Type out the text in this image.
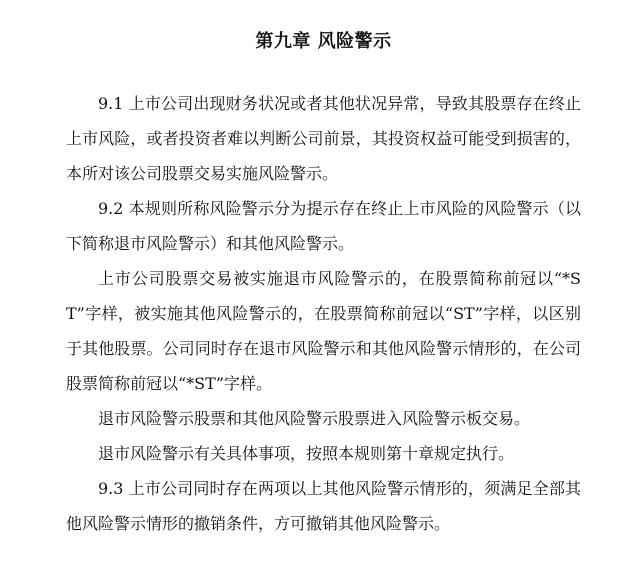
第九章 风险警示

9.1 上市公司出现财务状况或者其他状况异常，导致其股票存在终止上市风险，或者投资者难以判断公司前景，其投资权益可能受到损害的，本所对该公司股票交易实施风险警示。

9.2 本规则所称风险警示分为提示存在终止上市风险的风险警示（以下简称退市风险警示）和其他风险警示。

上市公司股票交易被实施退市风险警示的，在股票简称前冠以“*ST”字样，被实施其他风险警示的，在股票简称前冠以“ST”字样，以区别于其他股票。公司同时存在退市风险警示和其他风险警示情形的，在公司股票简称前冠以“*ST”字样。

退市风险警示股票和其他风险警示股票进入风险警示板交易。

退市风险警示有关具体事项，按照本规则第十章规定执行。

9.3 上市公司同时存在两项以上其他风险警示情形的，须满足全部其他风险警示情形的撤销条件，方可撤销其他风险警示。
